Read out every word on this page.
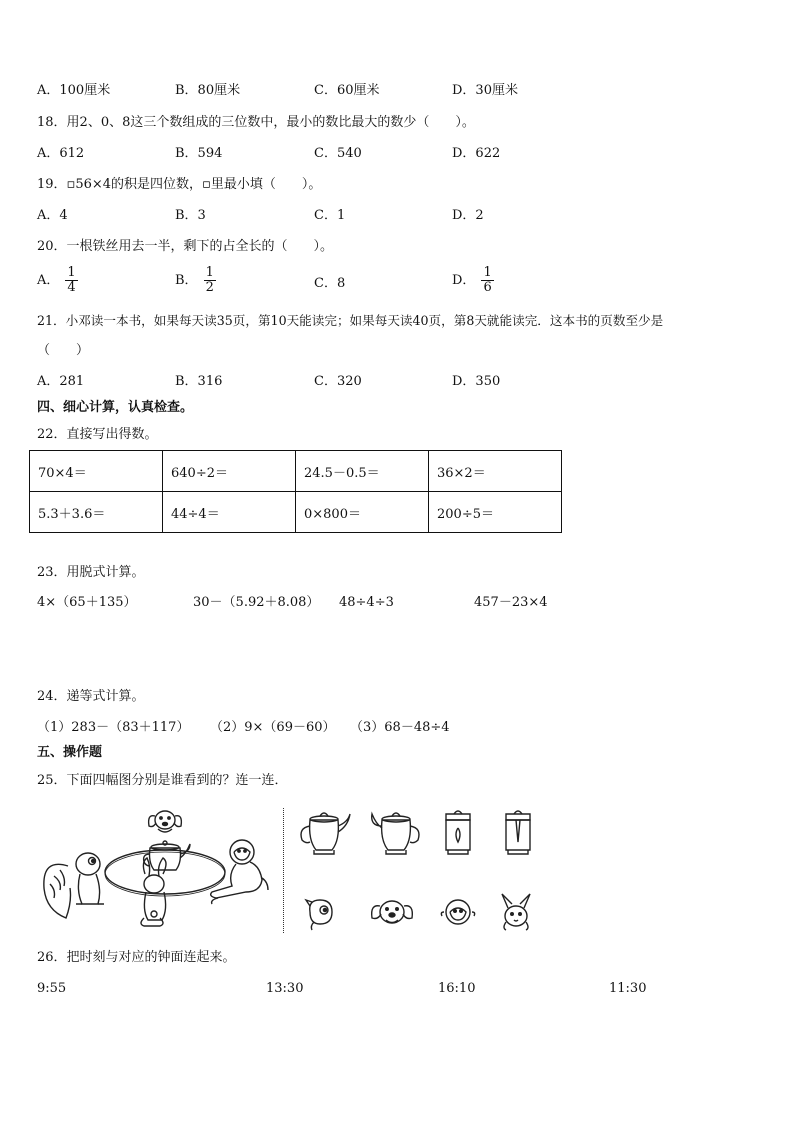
A．100厘米	B．80厘米	C．60厘米	D．30厘米
18．用2、0、8这三个数组成的三位数中，最小的数比最大的数少（　　）。
A．612	B．594	C．540	D．622
19．▫56×4的积是四位数，▫里最小填（　　）。
A．4	B．3	C．1	D．2
20．一根铁丝用去一半，剩下的占全长的（　　）。
A． $\frac{1}{4}$	B． $\frac{1}{2}$	C．8	D． $\frac{1}{6}$
21．小邓读一本书，如果每天读35页，第10天能读完；如果每天读40页，第8天就能读完．这本书的页数至少是
（　　）
A．281	B．316	C．320	D．350
四、细心计算，认真检查。
22．直接写出得数。
70×4＝	640÷2＝	24.5－0.5＝	36×2＝
5.3＋3.6＝	44÷4＝	0×800＝	200÷5＝
23．用脱式计算。
4×（65＋135）	30－（5.92＋8.08） 48÷4÷3	457－23×4
24．递等式计算。
（1）283－（83＋117） （2）9×（69－60） （3）68－48÷4
五、操作题
25．下面四幅图分别是谁看到的？连一连．
26．把时刻与对应的钟面连起来。
9:55	13:30	16:10	11:30
